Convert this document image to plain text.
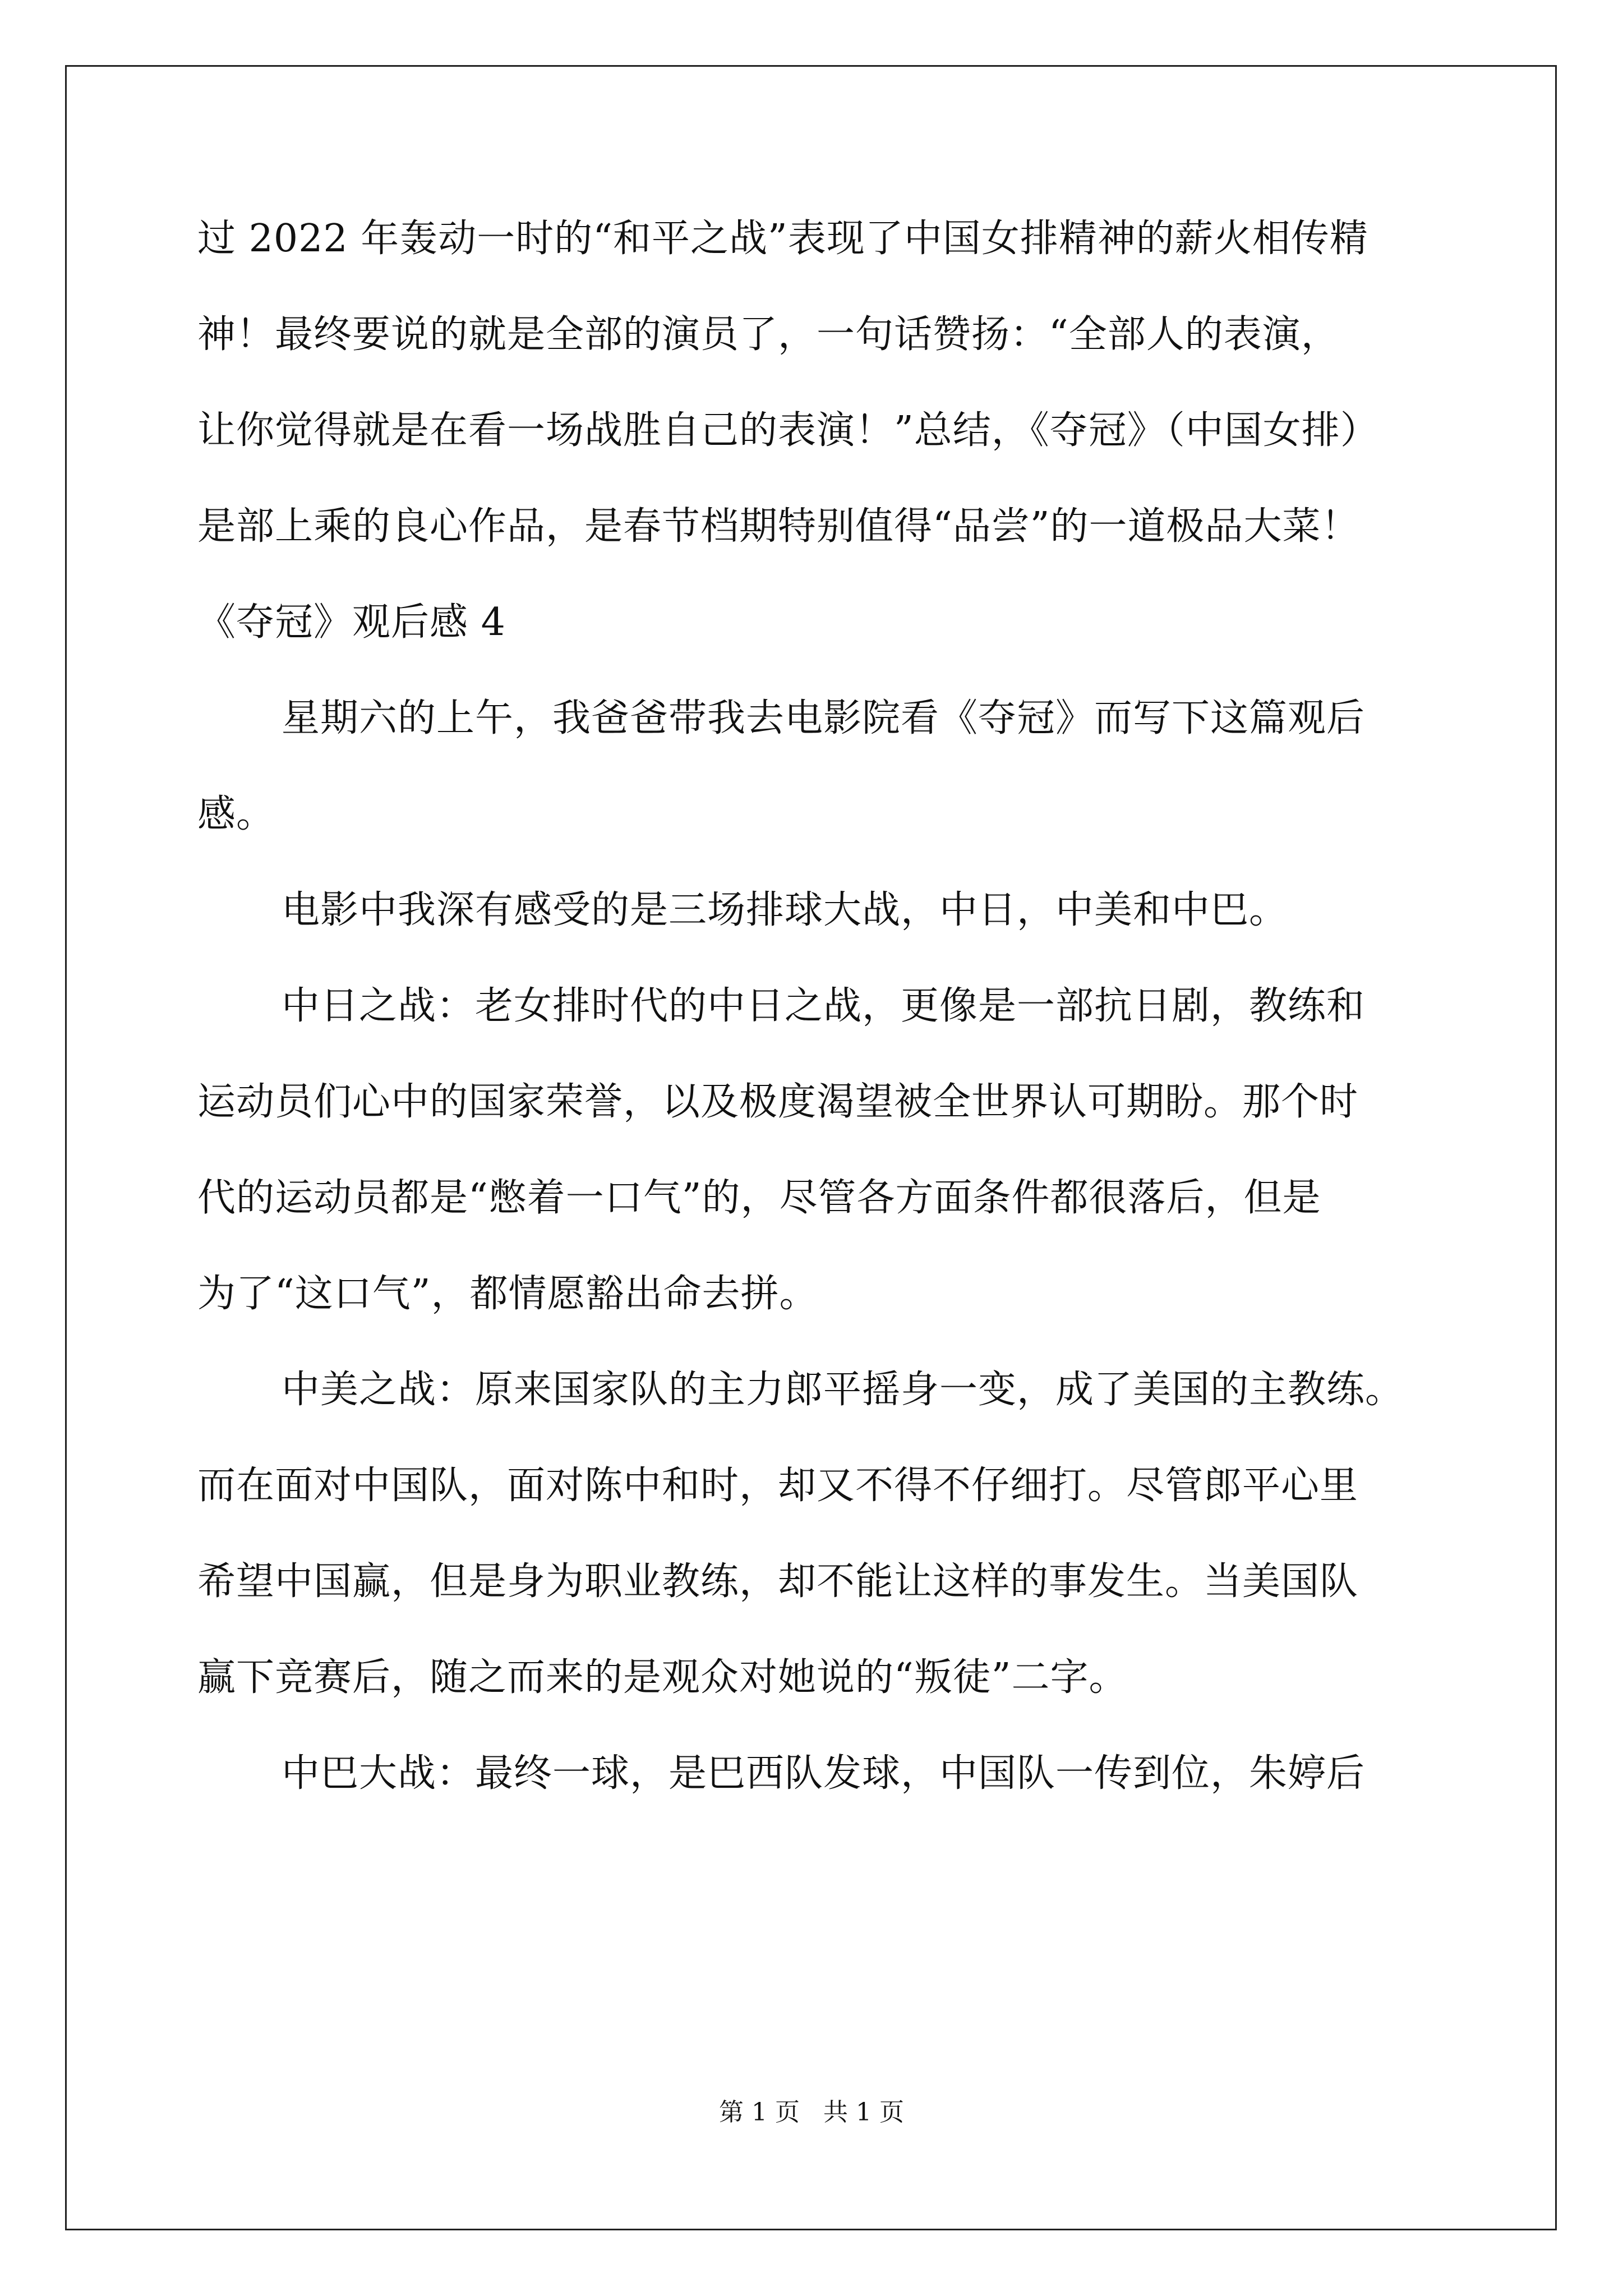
过 2022 年轰动一时的“和平之战”表现了中国女排精神的薪火相传精
神！最终要说的就是全部的演员了，一句话赞扬：“全部人的表演，
让你觉得就是在看一场战胜自己的表演！”总结，《夺冠》（中国女排）
是部上乘的良心作品，是春节档期特别值得“品尝”的一道极品大菜！
《夺冠》观后感 4
星期六的上午，我爸爸带我去电影院看《夺冠》而写下这篇观后
感。
电影中我深有感受的是三场排球大战，中日，中美和中巴。
中日之战：老女排时代的中日之战，更像是一部抗日剧，教练和
运动员们心中的国家荣誉，以及极度渴望被全世界认可期盼。那个时
代的运动员都是“憋着一口气”的，尽管各方面条件都很落后，但是
为了“这口气”，都情愿豁出命去拼。
中美之战：原来国家队的主力郎平摇身一变，成了美国的主教练。
而在面对中国队，面对陈中和时，却又不得不仔细打。尽管郎平心里
希望中国赢，但是身为职业教练，却不能让这样的事发生。当美国队
赢下竞赛后，随之而来的是观众对她说的“叛徒”二字。
中巴大战：最终一球，是巴西队发球，中国队一传到位，朱婷后
第 1 页   共 1 页
